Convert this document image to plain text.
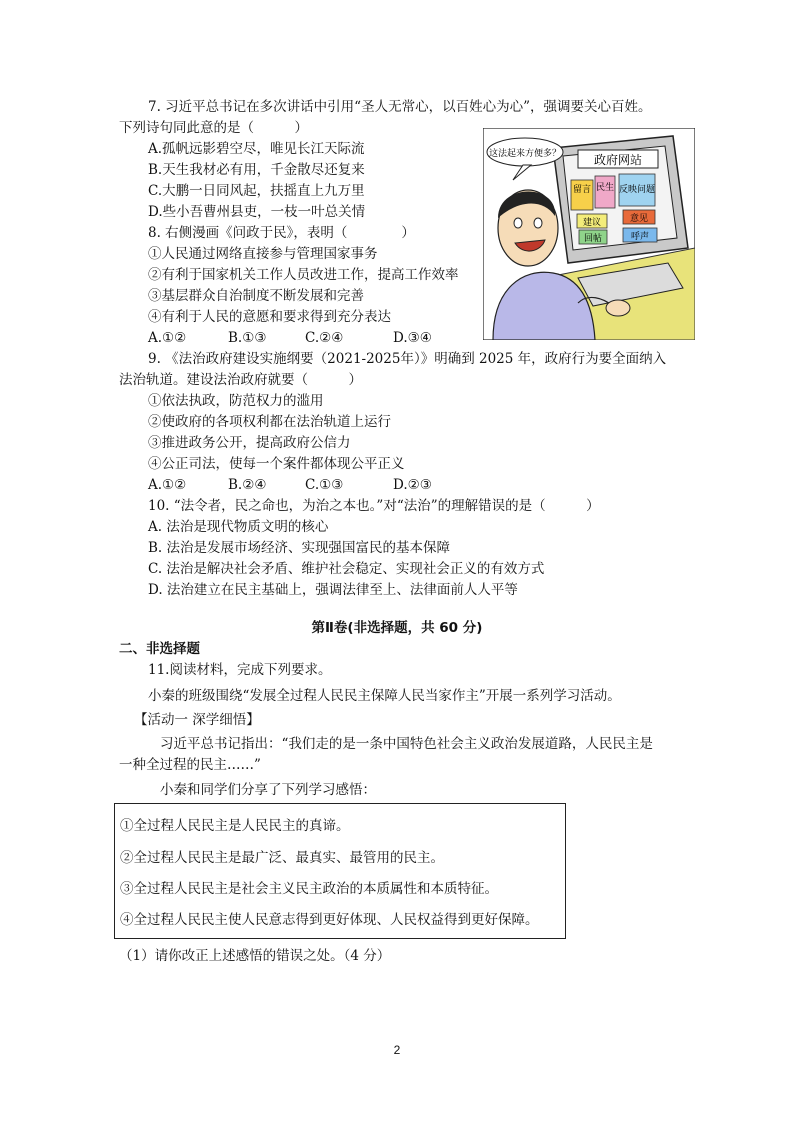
7. 习近平总书记在多次讲话中引用“圣人无常心，以百姓心为心”，强调要关心百姓。
下列诗句同此意的是（　　　）
A.孤帆远影碧空尽，唯见长江天际流
B.天生我材必有用，千金散尽还复来
C.大鹏一日同风起，扶摇直上九万里
D.些小吾曹州县吏，一枝一叶总关情
8. 右侧漫画《问政于民》，表明（　　　　）
①人民通过网络直接参与管理国家事务
②有利于国家机关工作人员改进工作，提高工作效率
③基层群众自治制度不断发展和完善
④有利于人民的意愿和要求得到充分表达
A.①②	B.①③	C.②④	D.③④
政府网站
留言 民生 反映问题
建议	意见
回帖	呼声
这法起来方便多？
9. 《法治政府建设实施纲要（2021-2025年）》明确到 2025 年，政府行为要全面纳入
法治轨道。建设法治政府就要（　　　）
①依法执政，防范权力的滥用
②使政府的各项权利都在法治轨道上运行
③推进政务公开，提高政府公信力
④公正司法，使每一个案件都体现公平正义
A.①②	B.②④	C.①③	D.②③
10. “法令者，民之命也，为治之本也。”对“法治”的理解错误的是（　　　）
A. 法治是现代物质文明的核心
B. 法治是发展市场经济、实现强国富民的基本保障
C. 法治是解决社会矛盾、维护社会稳定、实现社会正义的有效方式
D. 法治建立在民主基础上，强调法律至上、法律面前人人平等
第Ⅱ卷(非选择题，共 60 分)
二、非选择题
11.阅读材料，完成下列要求。
小秦的班级围绕“发展全过程人民民主保障人民当家作主”开展一系列学习活动。
【活动一 深学细悟】
习近平总书记指出：“我们走的是一条中国特色社会主义政治发展道路，人民民主是
一种全过程的民主……”
小秦和同学们分享了下列学习感悟：
①全过程人民民主是人民民主的真谛。
②全过程人民民主是最广泛、最真实、最管用的民主。
③全过程人民民主是社会主义民主政治的本质属性和本质特征。
④全过程人民民主使人民意志得到更好体现、人民权益得到更好保障。
（1）请你改正上述感悟的错误之处。（4 分）
2
